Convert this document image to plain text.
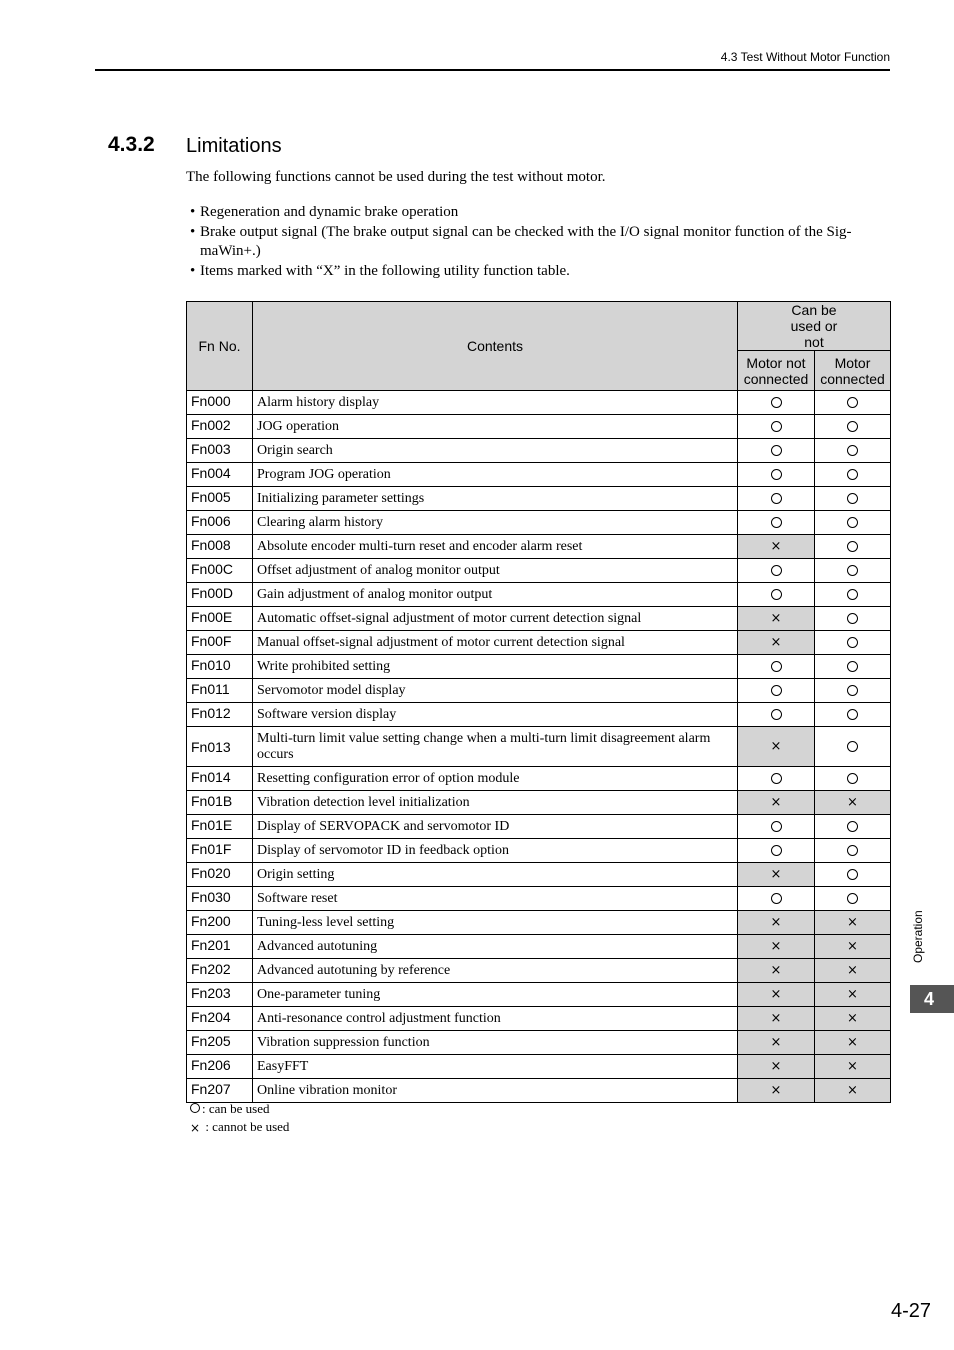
4.3 Test Without Motor Function
4.3.2 Limitations
The following functions cannot be used during the test without motor.
• Regeneration and dynamic brake operation
• Brake output signal (The brake output signal can be checked with the I/O signal monitor function of the Sig-maWin+.)
• Items marked with “X” in the following utility function table.
Fn No.	Contents	Can be used or not	

		Motor not connected	Motor connected

Fn000	Alarm history display		
Fn002	JOG operation		
Fn003	Origin search		
Fn004	Program JOG operation		
Fn005	Initializing parameter settings		
Fn006	Clearing alarm history		
Fn008	Absolute encoder multi-turn reset and encoder alarm reset	×	
Fn00C	Offset adjustment of analog monitor output		
Fn00D	Gain adjustment of analog monitor output		
Fn00E	Automatic offset-signal adjustment of motor current detection signal	×	
Fn00F	Manual offset-signal adjustment of motor current detection signal	×	
Fn010	Write prohibited setting		
Fn011	Servomotor model display		
Fn012	Software version display		
Fn013	Multi-turn limit value setting change when a multi-turn limit disagreement alarm occurs	×	
Fn014	Resetting configuration error of option module		
Fn01B	Vibration detection level initialization	×	×
Fn01E	Display of SERVOPACK and servomotor ID		
Fn01F	Display of servomotor ID in feedback option		
Fn020	Origin setting	×	
Fn030	Software reset		
Fn200	Tuning-less level setting	×	×
Fn201	Advanced autotuning	×	×
Fn202	Advanced autotuning by reference	×	×
Fn203	One-parameter tuning	×	×
Fn204	Anti-resonance control adjustment function	×	×
Fn205	Vibration suppression function	×	×
Fn206	EasyFFT	×	×
Fn207	Online vibration monitor	×	×
: can be used
× : cannot be used
Operation
4
4-27
